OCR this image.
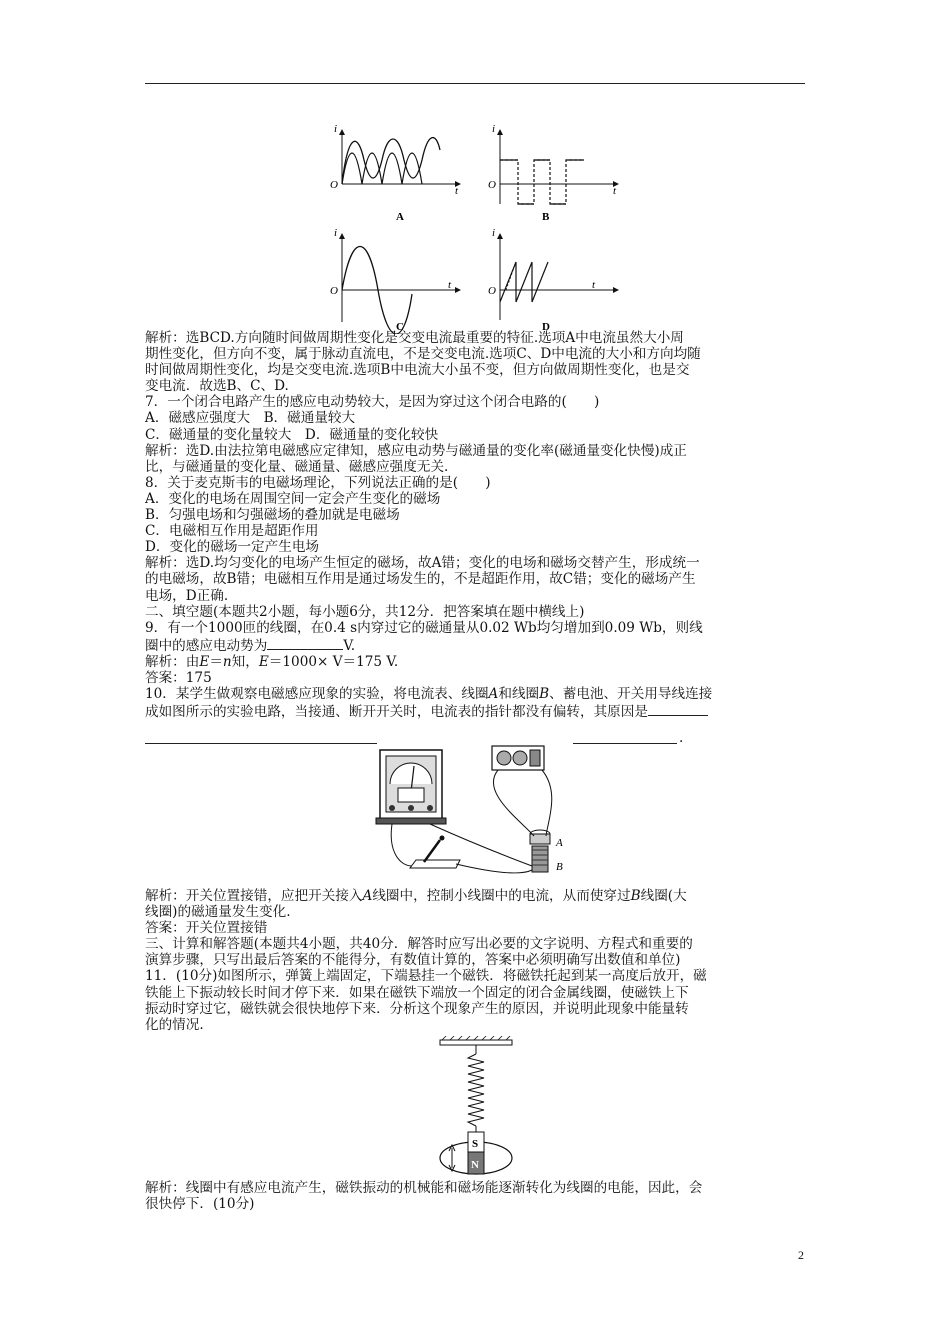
i
t
O
A
i
t
O
B
i
t
O
C
i
t
O
D

解析：选BCD.方向随时间做周期性变化是交变电流最重要的特征.选项A中电流虽然大小周

期性变化，但方向不变，属于脉动直流电，不是交变电流.选项C、D中电流的大小和方向均随

时间做周期性变化，均是交变电流.选项B中电流大小虽不变，但方向做周期性变化，也是交

变电流．故选B、C、D.

7．一个闭合电路产生的感应电动势较大，是因为穿过这个闭合电路的(　　)

A．磁感应强度大　B．磁通量较大

C．磁通量的变化量较大　D．磁通量的变化较快

解析：选D.由法拉第电磁感应定律知，感应电动势与磁通量的变化率(磁通量变化快慢)成正

比，与磁通量的变化量、磁通量、磁感应强度无关.

8．关于麦克斯韦的电磁场理论，下列说法正确的是(　　)

A．变化的电场在周围空间一定会产生变化的磁场

B．匀强电场和匀强磁场的叠加就是电磁场

C．电磁相互作用是超距作用

D．变化的磁场一定产生电场

解析：选D.均匀变化的电场产生恒定的磁场，故A错；变化的电场和磁场交替产生，形成统一

的电磁场，故B错；电磁相互作用是通过场发生的，不是超距作用，故C错；变化的磁场产生

电场，D正确.

二、填空题(本题共2小题，每小题6分，共12分．把答案填在题中横线上)

9．有一个1000匝的线圈，在0.4 s内穿过它的磁通量从0.02 Wb均匀增加到0.09 Wb，则线

圈中的感应电动势为	V.

解析：由E＝n知，E＝1000× V＝175 V.

答案：175

10．某学生做观察电磁感应现象的实验，将电流表、线圈A和线圈B、蓄电池、开关用导线连接

成如图所示的实验电路，当接通、断开开关时，电流表的指针都没有偏转，其原因是

.
A
B

解析：开关位置接错，应把开关接入A线圈中，控制小线圈中的电流，从而使穿过B线圈(大

线圈)的磁通量发生变化.

答案：开关位置接错

三、计算和解答题(本题共4小题，共40分．解答时应写出必要的文字说明、方程式和重要的

演算步骤，只写出最后答案的不能得分，有数值计算的，答案中必须明确写出数值和单位)

11．(10分)如图所示，弹簧上端固定，下端悬挂一个磁铁．将磁铁托起到某一高度后放开，磁

铁能上下振动较长时间才停下来．如果在磁铁下端放一个固定的闭合金属线圈，使磁铁上下

振动时穿过它，磁铁就会很快地停下来．分析这个现象产生的原因，并说明此现象中能量转

化的情况.

S
N

解析：线圈中有感应电流产生，磁铁振动的机械能和磁场能逐渐转化为线圈的电能，因此，会

很快停下．(10分)

2
